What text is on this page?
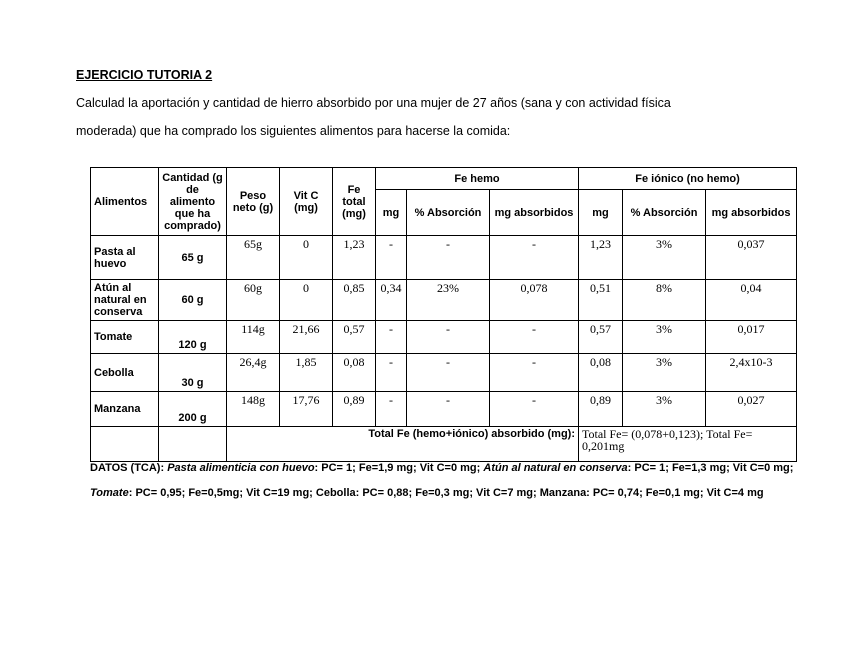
EJERCICIO TUTORIA 2
Calculad la aportación y cantidad de hierro absorbido por una mujer de 27 años (sana y con actividad física
moderada) que ha comprado los siguientes alimentos para hacerse la comida:
Alimentos	Cantidad (g de alimento que ha comprado)	Peso neto (g)	Vit C (mg)	Fe total (mg)	Fe hemo			Fe iónico (no hemo)		
					mg	% Absorción	mg absorbidos	mg	% Absorción	mg absorbidos
Pasta al huevo	65 g	65g	0	1,23	-	-	-	1,23	3%	0,037
Atún al natural en conserva	60 g	60g	0	0,85	0,34	23%	0,078	0,51	8%	0,04
Tomate	120 g	114g	21,66	0,57	-	-	-	0,57	3%	0,017
Cebolla	30 g	26,4g	1,85	0,08	-	-	-	0,08	3%	2,4x10-3
Manzana	200 g	148g	17,76	0,89	-	-	-	0,89	3%	0,027
		Total Fe (hemo+iónico) absorbido (mg):						Total Fe= (0,078+0,123); Total Fe= 0,201mg		
DATOS (TCA): Pasta alimenticia con huevo: PC= 1; Fe=1,9 mg; Vit C=0 mg; Atún al natural en conserva: PC= 1; Fe=1,3 mg; Vit C=0 mg;
Tomate: PC= 0,95; Fe=0,5mg; Vit C=19 mg; Cebolla: PC= 0,88; Fe=0,3 mg; Vit C=7 mg; Manzana: PC= 0,74; Fe=0,1 mg; Vit C=4 mg
